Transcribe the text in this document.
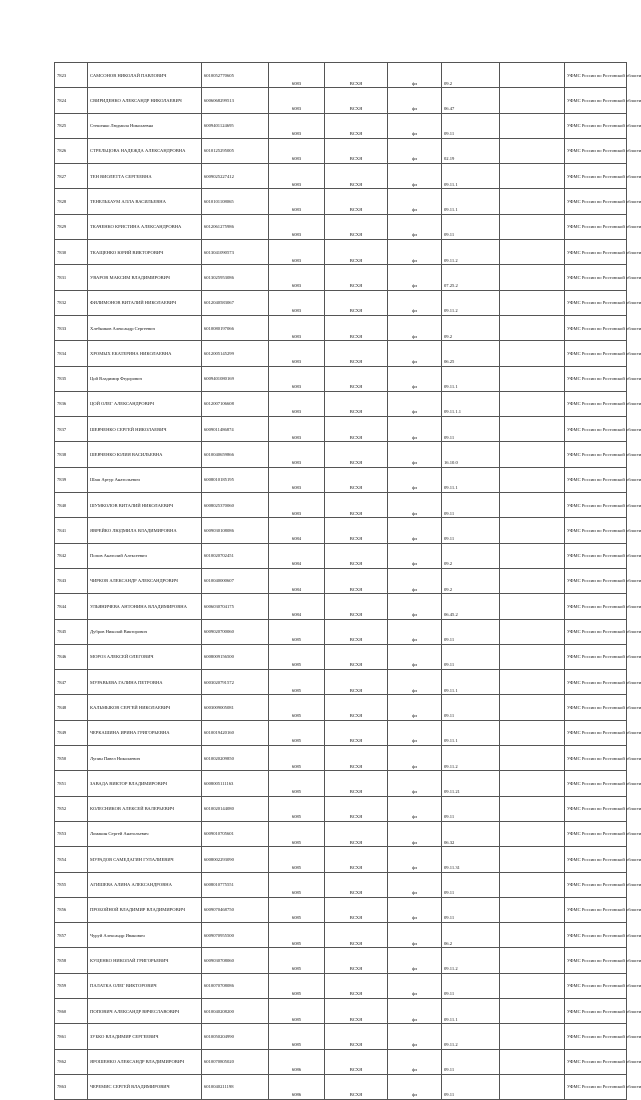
7823	САМСОНОВ НИКОЛАЙ ПАВЛОВИЧ	6010052770605	6083	ВСХЯ	фл	09.2		УФМС России по Ростовской области
7824	СВИРИДЕНКО АЛЕКСАНДР НИКОЛАЕВИЧ	6006068299513	6083	ВСХЯ	фл	06.47		УФМС России по Ростовской области
7825	Стешенко Людмила Николаевна	6009401124695	6083	ВСХЯ	фл	09.11		УФМС России по Ростовской области
7826	СТРЕЛЬЦОВА НАДЕЖДА АЛЕКСАНДРОВНА	6010125295005	6083	ВСХЯ	фл	02.19		УФМС России по Ростовской области
7827	ТЕН ВИОЛЕТТА СЕРГЕЕВНА	6009025227412	6083	ВСХЯ	фл	09.11.1		УФМС России по Ростовской области
7828	ТЕНЕЛЬБАУМ АЛЛА ВАСИЛЬЕВНА	6010101108065	6083	ВСХЯ	фл	09.11.1		УФМС России по Ростовской области
7829	ТКАЧЕНКО КРИСТИНА АЛЕКСАНДРОВНА	6012061275986	6083	ВСХЯ	фл	09.11		УФМС России по Ростовской области
7830	ТКАЩЕНКО ЮРИЙ ВИКТОРОВИЧ	6013041090573	6083	ВСХЯ	фл	09.11.2		УФМС России по Ростовской области
7831	УВАРОВ МАКСИМ ВЛАДИМИРОВИЧ	6013025953086	6083	ВСХЯ	фл	07.25.2		УФМС России по Ростовской области
7832	ФИЛИМОНОВ ВИТАЛИЙ НИКОЛАЕВИЧ	6012040583067	6083	ВСХЯ	фл	09.11.2		УФМС России по Ростовской области
7833	Хлебников Александр Сергеевич	6010080197066	6083	ВСХЯ	фл	09.2		УФМС России по Ростовской области
7834	ХРОМЫХ ЕКАТЕРИНА НИКОЛАЕВНА	6012005145299	6083	ВСХЯ	фл	06.25		УФМС России по Ростовской области
7835	Цой Владимир Федорович	6009401080169	6083	ВСХЯ	фл	09.11.1		УФМС России по Ростовской области
7836	ЦОЙ ОЛЕГ АЛЕКСАНДРОВИЧ	6012007106608	6083	ВСХЯ	фл	09.11.1.1		УФМС России по Ростовской области
7837	ШЕВЧЕНКО СЕРГЕЙ НИКОЛАЕВИЧ	6009011486874	6083	ВСХЯ	фл	09.11		УФМС России по Ростовской области
7838	ШЕВЧЕНКО ЮЛИЯ ВАСИЛЬЕВНА	6010040659866	6083	ВСХЯ	фл	16.10.0		УФМС России по Ростовской области
7839	Шаш Артур Анатольевич	6008010185195	6083	ВСХЯ	фл	09.11.1		УФМС России по Ростовской области
7840	ШУМКОЛОВ ВИТАЛИЙ НИКОЛАЕВИЧ	6008025370060	6083	ВСХЯ	фл	09.11		УФМС России по Ростовской области
7841	ЯВРЕЙКО ЛЮДМИЛА ВЛАДИМИРОВНА	6009030108086	6084	ВСХЯ	фл	09.11		УФМС России по Ростовской области
7842	Попов Анатолий Алексеевич	6010020702451	6084	ВСХЯ	фл	09.2		УФМС России по Ростовской области
7843	ЧИРКОВ АЛЕКСАНДР АЛЕКСАНДРОВИЧ	6010040000607	6084	ВСХЯ	фл	09.2		УФМС России по Ростовской области
7844	УЛЬЯНИЧЕВА АНТОНИНА ВЛАДИМИРОВНА	6006030704175	6084	ВСХЯ	фл	06.45.2		УФМС России по Ростовской области
7845	Дубров Николай Викторович	6009020700060	6085	ВСХЯ	фл	09.11		УФМС России по Ростовской области
7846	МОРОЗ АЛЕКСЕЙ ОЛЕГОВИЧ	6008009156500	6085	ВСХЯ	фл	09.11		УФМС России по Ростовской области
7847	МУРАВЬЕВА ГАЛИНА ПЕТРОВНА	6003020791572	6085	ВСХЯ	фл	09.11.1		УФМС России по Ростовской области
7848	КАЛЬМЫКОВ СЕРГЕЙ НИКОЛАЕВИЧ	6003009005081	6085	ВСХЯ	фл	09.11		УФМС России по Ростовской области
7849	ЧЕРКАШИНА ИРИНА ГРИГОРЬЕВНА	6010019420160	6085	ВСХЯ	фл	09.11.1		УФМС России по Ростовской области
7850	Лупин Павел Николаевич	6010020209850	6085	ВСХЯ	фл	09.11.2		УФМС России по Ростовской области
7851	ЗАВАДА ВИКТОР ВЛАДИМИРОВИЧ	6008005111163	6085	ВСХЯ	фл	09.11.21		УФМС России по Ростовской области
7852	КОЛЕСНИКОВ АЛЕКСЕЙ ВАЛЕРЬЕВИЧ	6010020144080	6085	ВСХЯ	фл	09.11		УФМС России по Ростовской области
7853	Ломакин Сергей Анатольевич	6009010705601	6085	ВСХЯ	фл	06.32		УФМС России по Ростовской области
7854	МУРАДОВ САМЕДАГИН ГУЛАЛИЕВИЧ	6008002293090	6085	ВСХЯ	фл	09.11.31		УФМС России по Ростовской области
7855	АГИШЕВА АЛИНА АЛЕКСАНДРОВНА	6008010775551	6085	ВСХЯ	фл	09.11		УФМС России по Ростовской области
7856	ПРОБОЙНОЙ ВЛАДИМИР ВЛАДИМИРОВИЧ	6009070468750	6085	ВСХЯ	фл	09.11		УФМС России по Ростовской области
7857	Чуруй Александр Иванович	6009070955500	6085	ВСХЯ	фл	06.2		УФМС России по Ростовской области
7858	КУЦЕНКО НИКОЛАЙ ГРИГОРЬЕВИЧ	6009030708060	6085	ВСХЯ	фл	09.11.2		УФМС России по Ростовской области
7859	ПАЛАТКА ОЛЕГ ВИКТОРОВИЧ	6010070708086	6085	ВСХЯ	фл	09.11		УФМС России по Ростовской области
7860	ПОПОВИЧ АЛЕКСАНДР ВЯЧЕСЛАВОВИЧ	6010040208200	6085	ВСХЯ	фл	09.11.1		УФМС России по Ростовской области
7861	ЗУБКО ВЛАДИМИР СЕРГЕЕВИЧ	6010050204990	6085	ВСХЯ	фл	09.11.2		УФМС России по Ростовской области
7862	ЯРОШЕНКО АЛЕКСАНДР ВЛАДИМИРОВИЧ	6010070805020	6086	ВСХЯ	фл	09.11		УФМС России по Ростовской области
7863	ЧЕРЕМИС СЕРГЕЙ ВЛАДИМИРОВИЧ	6010040211198	6086	ВСХЯ	фл	09.11		УФМС России по Ростовской области
